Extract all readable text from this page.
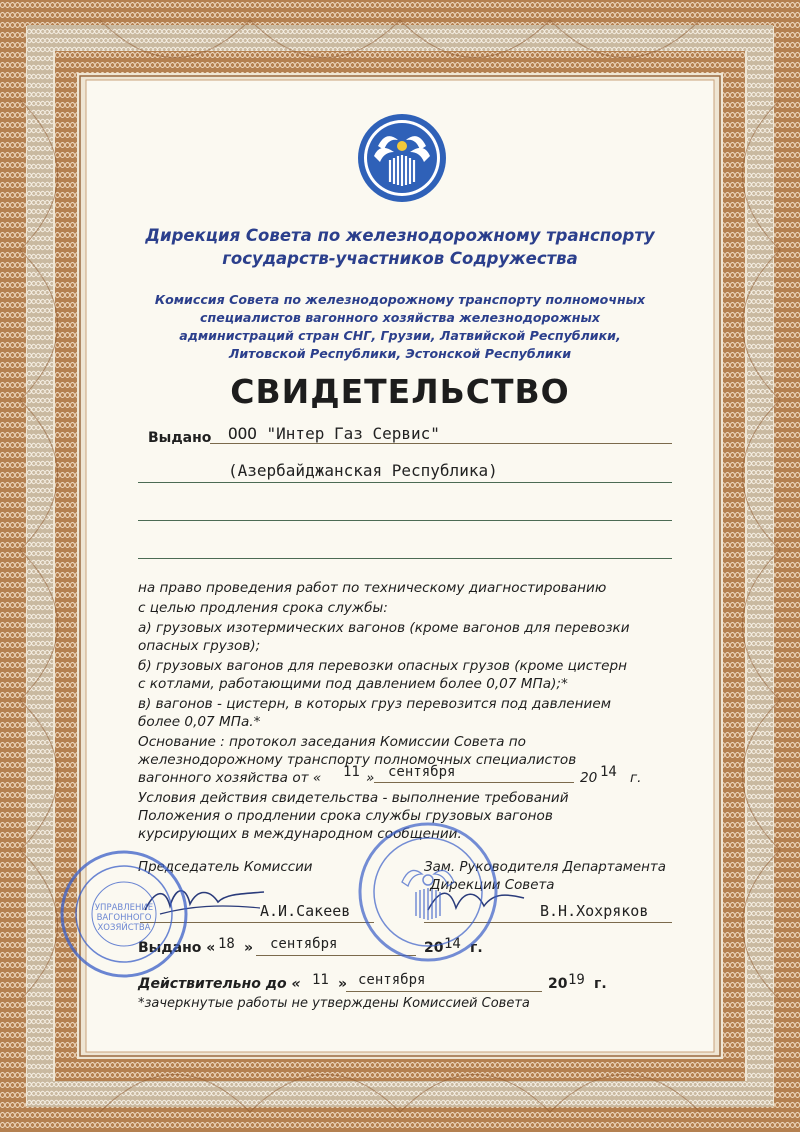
Дирекция Совета по железнодорожному транспорту
государств-участников Содружества
Комиссия Совета по железнодорожному транспорту полномочных
специалистов вагонного хозяйства железнодорожных
администраций стран СНГ, Грузии, Латвийской Республики,
Литовской Республики, Эстонской Республики
СВИДЕТЕЛЬСТВО
Выдано ООО "Интер Газ Сервис"
(Азербайджанская Республика)
на право проведения работ по техническому диагностированию
с целью продления срока службы:
а) грузовых изотермических вагонов (кроме вагонов для перевозки
опасных грузов);
б) грузовых вагонов для перевозки опасных грузов (кроме цистерн
с котлами, работающими под давлением более 0,07 МПа);*
в) вагонов - цистерн, в которых груз перевозится под давлением
более 0,07 МПа.*
Основание : протокол заседания Комиссии Совета по
железнодорожному транспорту полномочных специалистов
вагонного хозяйства от « 11 » сентября	20 14 г.
Условия действия свидетельства - выполнение требований
Положения о продлении срока службы грузовых вагонов
курсирующих в международном сообщении.
Председатель Комиссии	Зам. Руководителя Департамента
Дирекции Совета
А.И.Сакеев	В.Н.Хохряков
Выдано « 18 » сентября	20 14 г.
Действительно до « 11 » сентября	20 19 г.
*зачеркнутые работы не утверждены Комиссией Совета
УПРАВЛЕНИЕ
ВАГОННОГО
ХОЗЯЙСТВА
